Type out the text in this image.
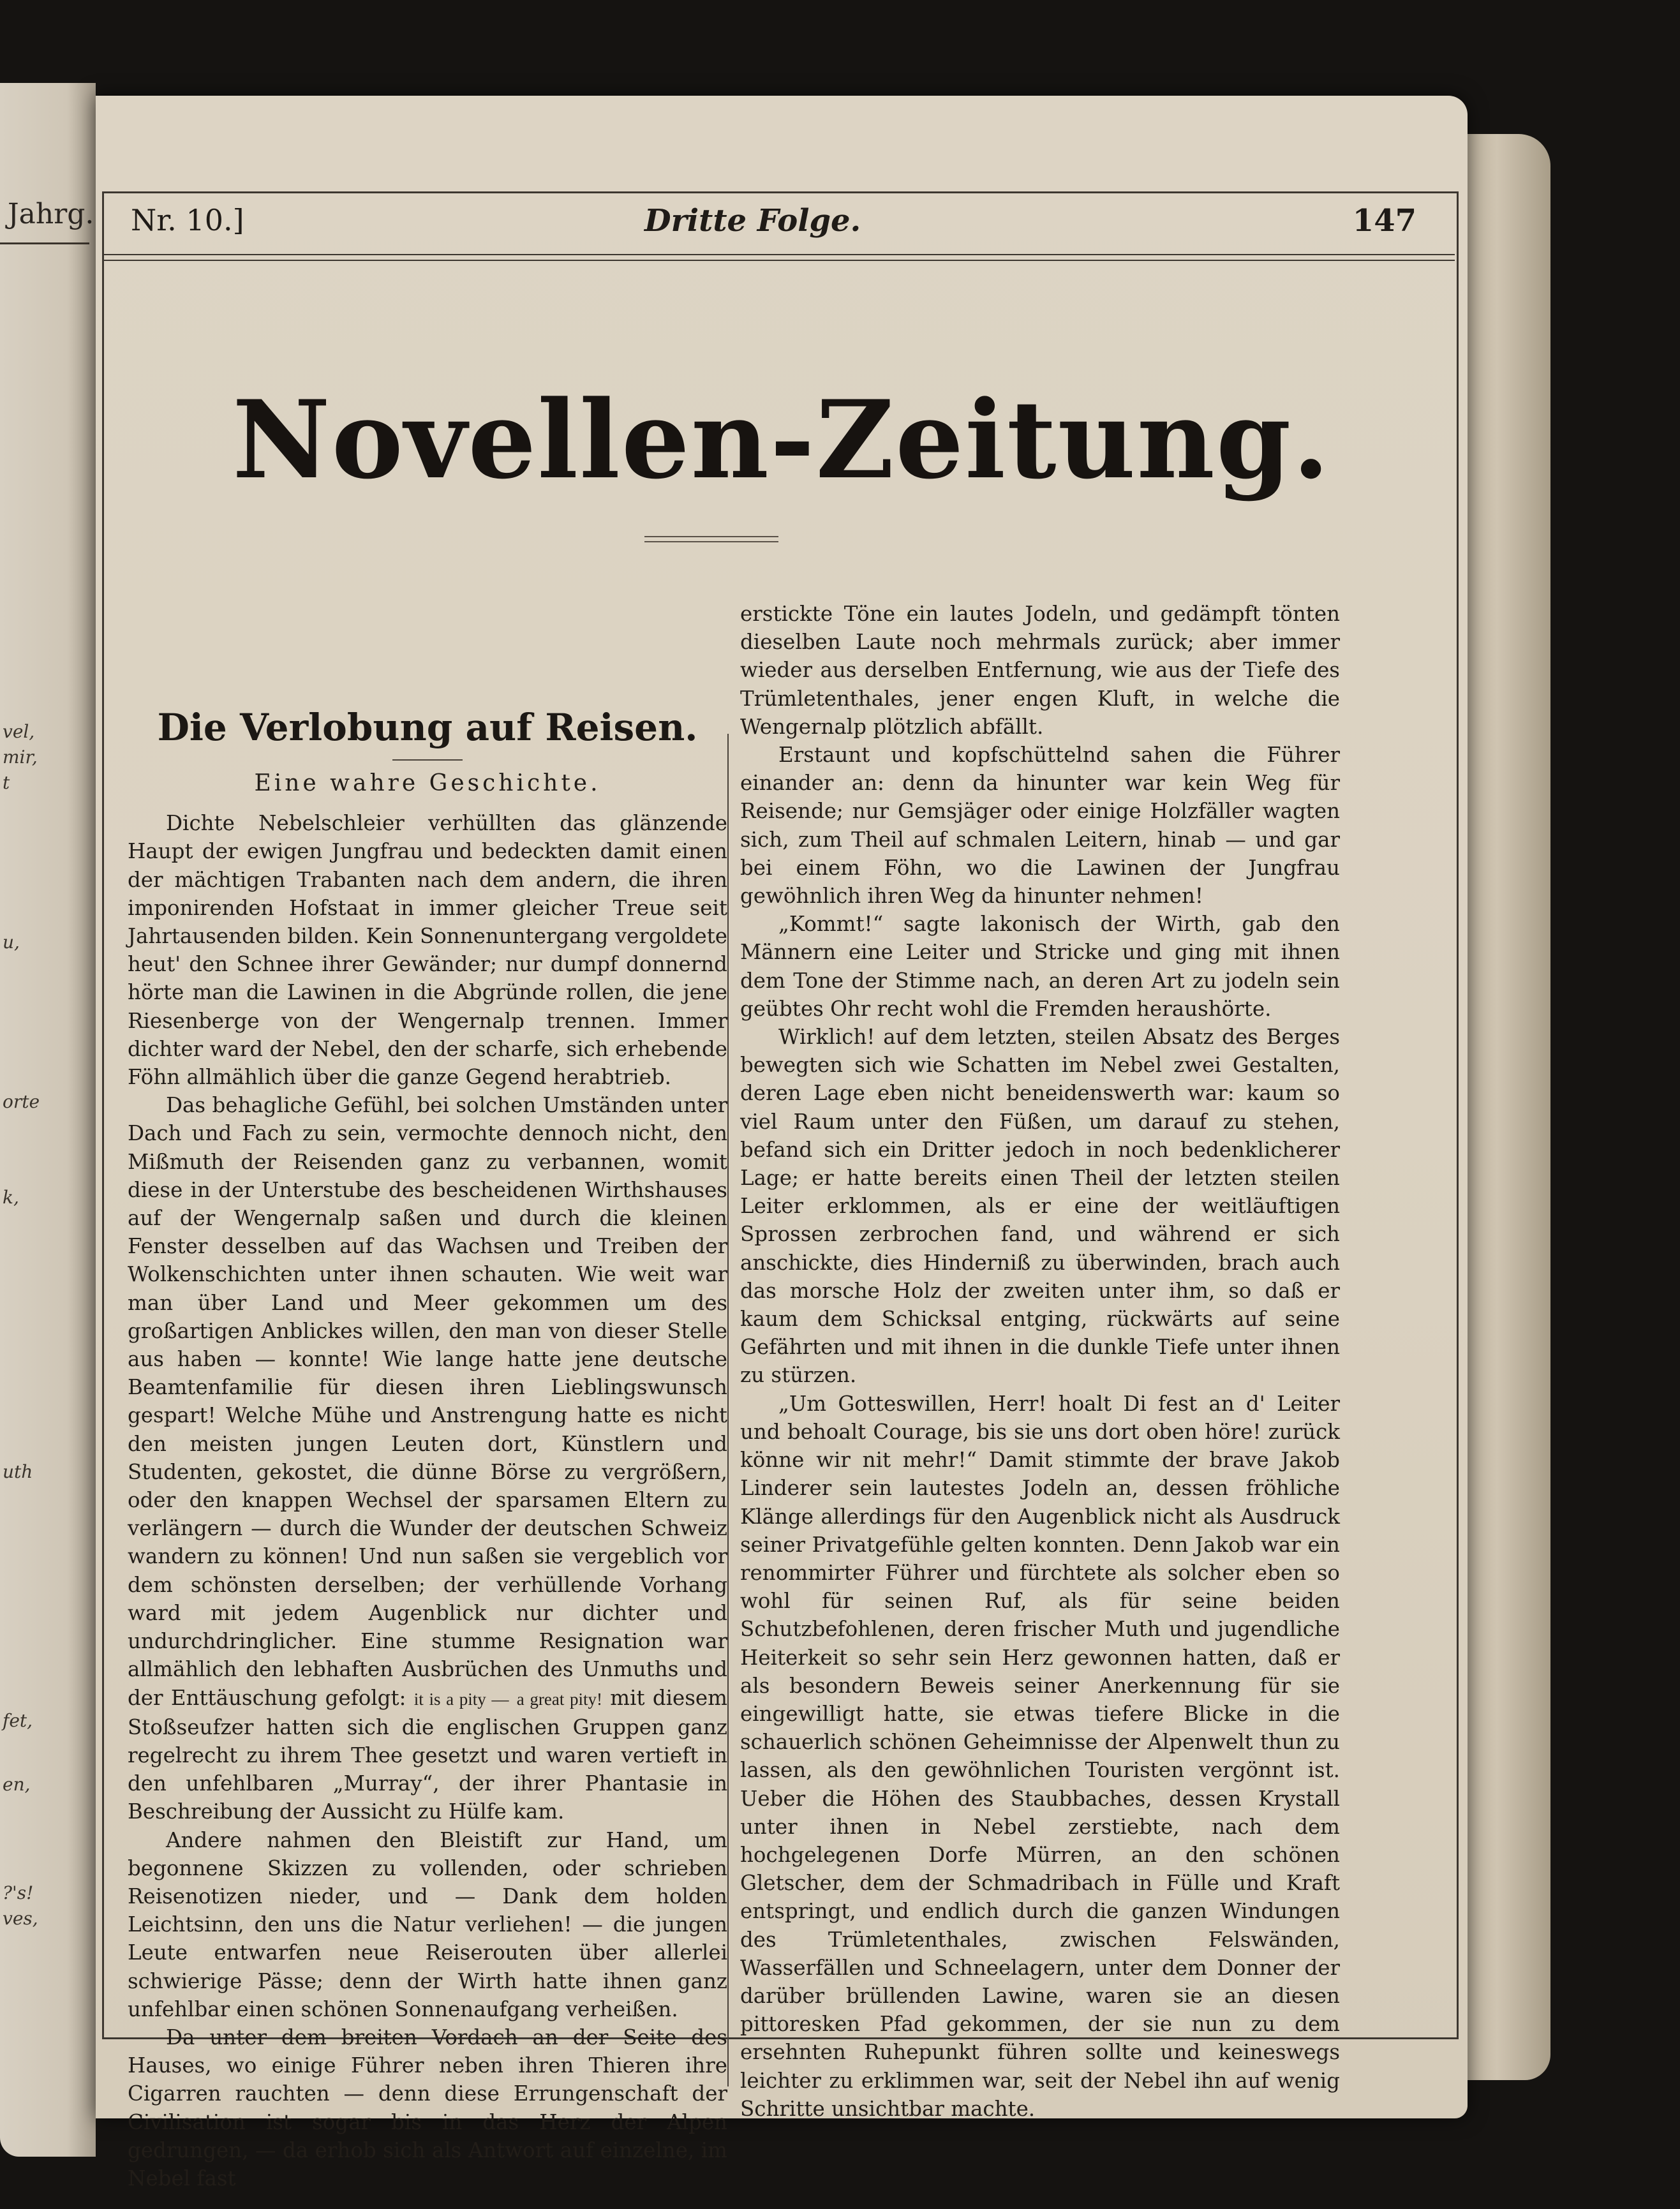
Jahrg.
vel,
mir,
t
u,
orte
k,
uth
fet,
en,
?'s!
ves,
Nr. 10.]	Dritte Folge.	147
Novellen-Zeitung.
Die Verlobung auf Reisen.
Eine wahre Geschichte.

Dichte Nebelschleier verhüllten das glänzende Haupt der ewigen Jungfrau und bedeckten damit einen der mächtigen Trabanten nach dem andern, die ihren imponirenden Hofstaat in immer gleicher Treue seit Jahrtausenden bilden. Kein Sonnenuntergang vergoldete heut' den Schnee ihrer Gewänder; nur dumpf donnernd hörte man die Lawinen in die Abgründe rollen, die jene Riesenberge von der Wengernalp trennen. Immer dichter ward der Nebel, den der scharfe, sich erhebende Föhn allmählich über die ganze Gegend herabtrieb.

Das behagliche Gefühl, bei solchen Umständen unter Dach und Fach zu sein, vermochte dennoch nicht, den Mißmuth der Reisenden ganz zu verbannen, womit diese in der Unterstube des bescheidenen Wirthshauses auf der Wengernalp saßen und durch die kleinen Fenster desselben auf das Wachsen und Treiben der Wolkenschichten unter ihnen schauten. Wie weit war man über Land und Meer gekommen um des großartigen Anblickes willen, den man von dieser Stelle aus haben — konnte! Wie lange hatte jene deutsche Beamtenfamilie für diesen ihren Lieblingswunsch gespart! Welche Mühe und Anstrengung hatte es nicht den meisten jungen Leuten dort, Künstlern und Studenten, gekostet, die dünne Börse zu vergrößern, oder den knappen Wechsel der sparsamen Eltern zu verlängern — durch die Wunder der deutschen Schweiz wandern zu können! Und nun saßen sie vergeblich vor dem schönsten derselben; der verhüllende Vorhang ward mit jedem Augenblick nur dichter und undurchdringlicher. Eine stumme Resignation war allmählich den lebhaften Ausbrüchen des Unmuths und der Enttäuschung gefolgt: it is a pity — a great pity! mit diesem Stoßseufzer hatten sich die englischen Gruppen ganz regelrecht zu ihrem Thee gesetzt und waren vertieft in den unfehlbaren „Murray“, der ihrer Phantasie in Beschreibung der Aussicht zu Hülfe kam.

Andere nahmen den Bleistift zur Hand, um begonnene Skizzen zu vollenden, oder schrieben Reisenotizen nieder, und — Dank dem holden Leichtsinn, den uns die Natur verliehen! — die jungen Leute entwarfen neue Reiserouten über allerlei schwierige Pässe; denn der Wirth hatte ihnen ganz unfehlbar einen schönen Sonnenaufgang verheißen.

Da unter dem breiten Vordach an der Seite des Hauses, wo einige Führer neben ihren Thieren ihre Cigarren rauchten — denn diese Errungenschaft der Civilisation ist sogar bis in das Herz der Alpen gedrungen, — da erhob sich als Antwort auf einzelne, im Nebel fast

erstickte Töne ein lautes Jodeln, und gedämpft tönten dieselben Laute noch mehrmals zurück; aber immer wieder aus derselben Entfernung, wie aus der Tiefe des Trümletenthales, jener engen Kluft, in welche die Wengernalp plötzlich abfällt.

Erstaunt und kopfschüttelnd sahen die Führer einander an: denn da hinunter war kein Weg für Reisende; nur Gemsjäger oder einige Holzfäller wagten sich, zum Theil auf schmalen Leitern, hinab — und gar bei einem Föhn, wo die Lawinen der Jungfrau gewöhnlich ihren Weg da hinunter nehmen!

„Kommt!“ sagte lakonisch der Wirth, gab den Männern eine Leiter und Stricke und ging mit ihnen dem Tone der Stimme nach, an deren Art zu jodeln sein geübtes Ohr recht wohl die Fremden heraushörte.

Wirklich! auf dem letzten, steilen Absatz des Berges bewegten sich wie Schatten im Nebel zwei Gestalten, deren Lage eben nicht beneidenswerth war: kaum so viel Raum unter den Füßen, um darauf zu stehen, befand sich ein Dritter jedoch in noch bedenklicherer Lage; er hatte bereits einen Theil der letzten steilen Leiter erklommen, als er eine der weitläuftigen Sprossen zerbrochen fand, und während er sich anschickte, dies Hinderniß zu überwinden, brach auch das morsche Holz der zweiten unter ihm, so daß er kaum dem Schicksal entging, rückwärts auf seine Gefährten und mit ihnen in die dunkle Tiefe unter ihnen zu stürzen.

„Um Gotteswillen, Herr! hoalt Di fest an d' Leiter und behoalt Courage, bis sie uns dort oben höre! zurück könne wir nit mehr!“ Damit stimmte der brave Jakob Linderer sein lautestes Jodeln an, dessen fröhliche Klänge allerdings für den Augenblick nicht als Ausdruck seiner Privatgefühle gelten konnten. Denn Jakob war ein renommirter Führer und fürchtete als solcher eben so wohl für seinen Ruf, als für seine beiden Schutzbefohlenen, deren frischer Muth und jugendliche Heiterkeit so sehr sein Herz gewonnen hatten, daß er als besondern Beweis seiner Anerkennung für sie eingewilligt hatte, sie etwas tiefere Blicke in die schauerlich schönen Geheimnisse der Alpenwelt thun zu lassen, als den gewöhnlichen Touristen vergönnt ist. Ueber die Höhen des Staubbaches, dessen Krystall unter ihnen in Nebel zerstiebte, nach dem hochgelegenen Dorfe Mürren, an den schönen Gletscher, dem der Schmadribach in Fülle und Kraft entspringt, und endlich durch die ganzen Windungen des Trümletenthales, zwischen Felswänden, Wasserfällen und Schneelagern, unter dem Donner der darüber brüllenden Lawine, waren sie an diesen pittoresken Pfad gekommen, der sie nun zu dem ersehnten Ruhepunkt führen sollte und keineswegs leichter zu erklimmen war, seit der Nebel ihn auf wenig Schritte unsichtbar machte.
